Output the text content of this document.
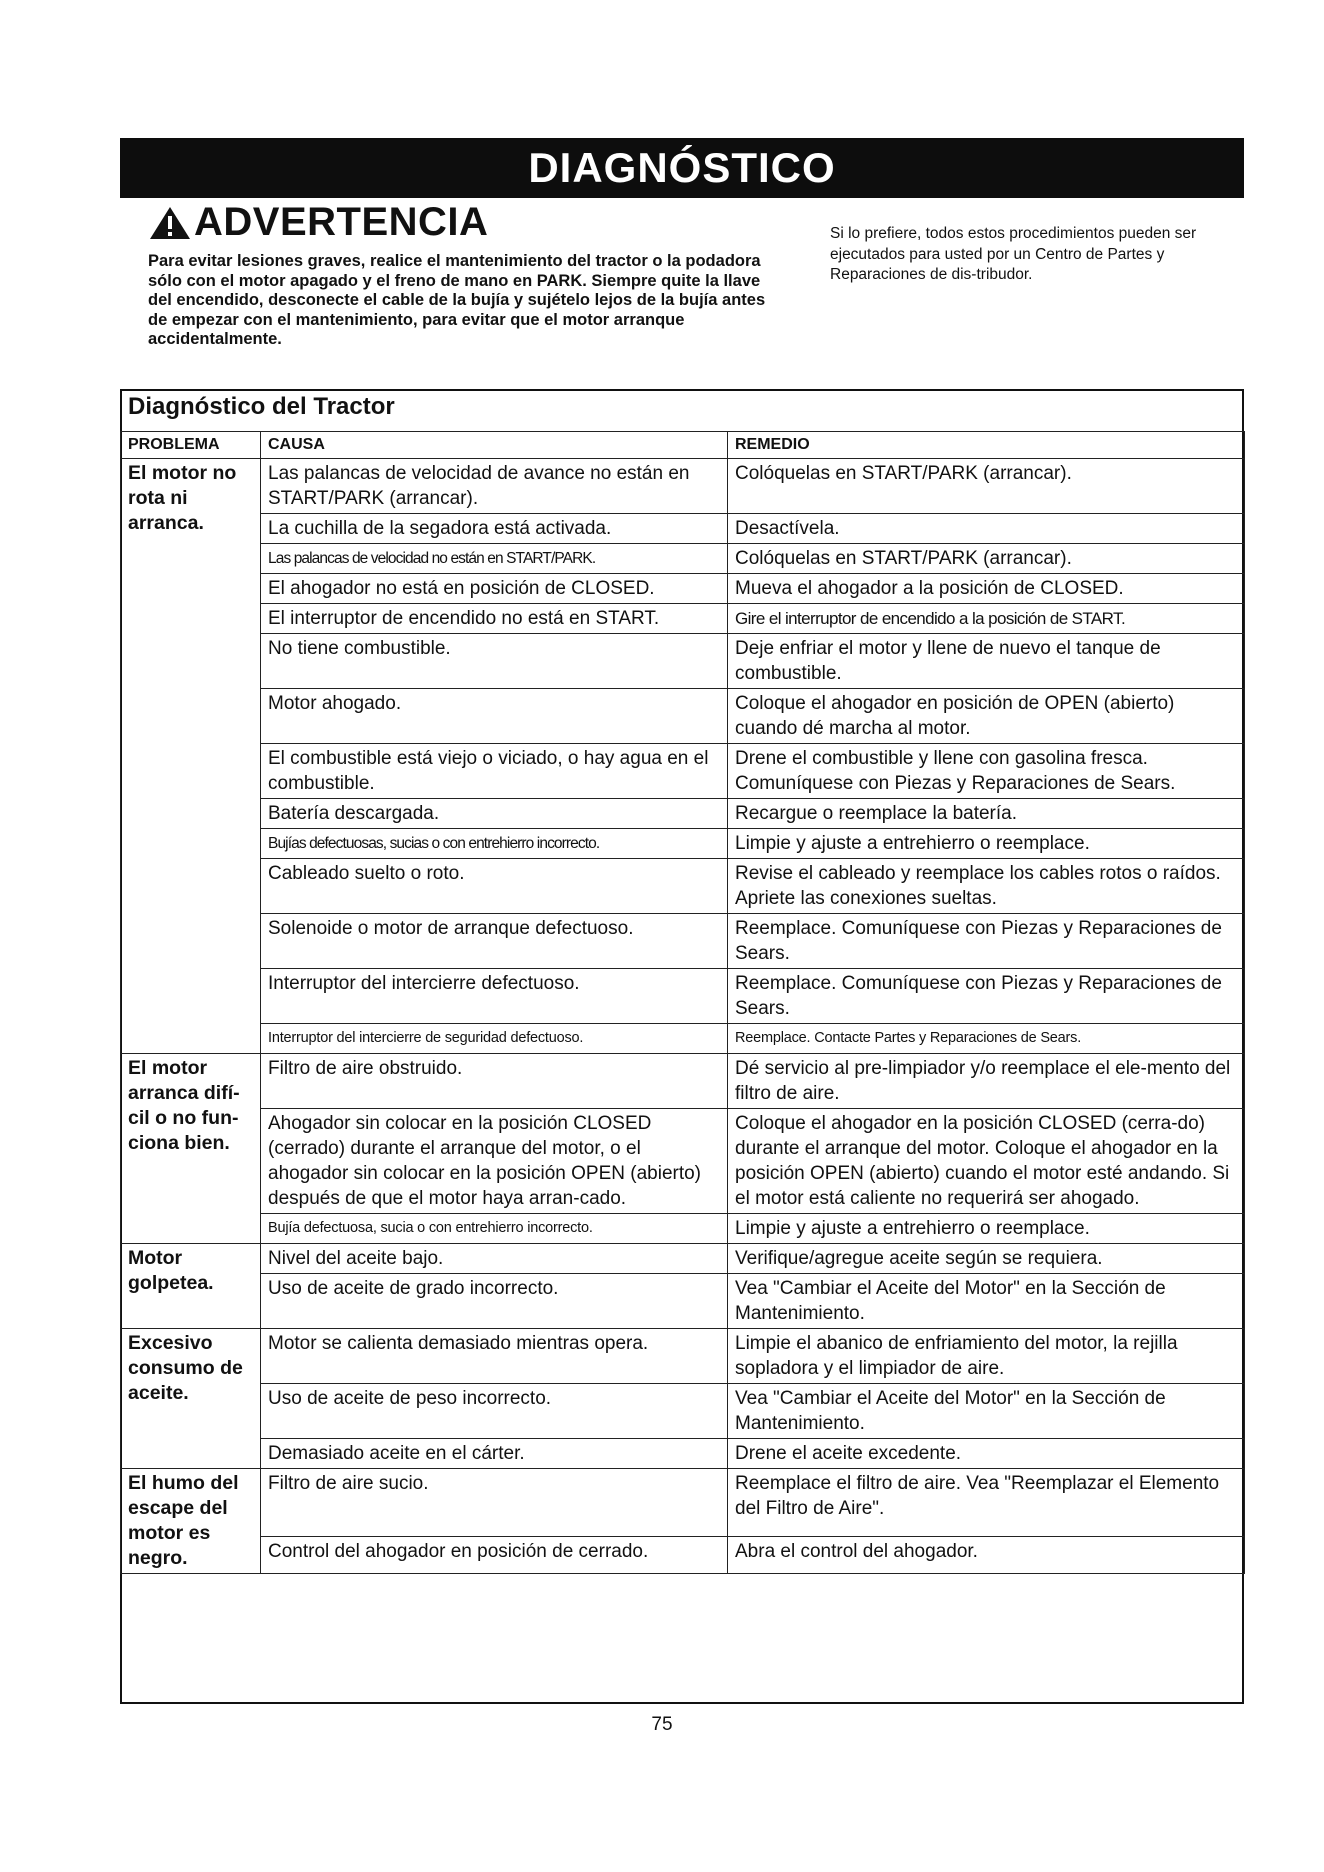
DIAGNÓSTICO
ADVERTENCIA
Para evitar lesiones graves, realice el mantenimiento del tractor o la podadora sólo con el motor apagado y el freno de mano en PARK. Siempre quite la llave del encendido, desconecte el cable de la bujía y sujételo lejos de la bujía antes de empezar con el mantenimiento, para evitar que el motor arranque accidentalmente.
Si lo prefiere, todos estos procedimientos pueden ser ejecutados para usted por un Centro de Partes y Reparaciones de dis-tribudor.
Diagnóstico del Tractor
PROBLEMA	CAUSA	REMEDIO
El motor no rota ni arranca.	Las palancas de velocidad de avance no están en START/PARK (arrancar).	Colóquelas en START/PARK (arrancar).
	La cuchilla de la segadora está activada.	Desactívela.
	Las palancas de velocidad no están en START/PARK.	Colóquelas en START/PARK (arrancar).
	El ahogador no está en posición de CLOSED.	Mueva el ahogador a la posición de CLOSED.
	El interruptor de encendido no está en START.	Gire el interruptor de encendido a la posición de START.
	No tiene combustible.	Deje enfriar el motor y llene de nuevo el tanque de combustible.
	Motor ahogado.	Coloque el ahogador en posición de OPEN (abierto) cuando dé marcha al motor.
	El combustible está viejo o viciado, o hay agua en el combustible.	Drene el combustible y llene con gasolina fresca. Comuníquese con Piezas y Reparaciones de Sears.
	Batería descargada.	Recargue o reemplace la batería.
	Bujías defectuosas, sucias o con entrehierro incorrecto.	Limpie y ajuste a entrehierro o reemplace.
	Cableado suelto o roto.	Revise el cableado y reemplace los cables rotos o raídos. Apriete las conexiones sueltas.
	Solenoide o motor de arranque defectuoso.	Reemplace. Comuníquese con Piezas y Reparaciones de Sears.
	Interruptor del intercierre defectuoso.	Reemplace. Comuníquese con Piezas y Reparaciones de Sears.
	Interruptor del intercierre de seguridad defectuoso.	Reemplace. Contacte Partes y Reparaciones de Sears.
El motor arranca difí-cil o no fun-ciona bien.	Filtro de aire obstruido.	Dé servicio al pre-limpiador y/o reemplace el ele-mento del filtro de aire.
	Ahogador sin colocar en la posición CLOSED (cerrado) durante el arranque del motor, o el ahogador sin colocar en la posición OPEN (abierto) después de que el motor haya arran-cado.	Coloque el ahogador en la posición CLOSED (cerra-do) durante el arranque del motor. Coloque el ahogador en la posición OPEN (abierto) cuando el motor esté andando. Si el motor está caliente no requerirá ser ahogado.
	Bujía defectuosa, sucia o con entrehierro incorrecto.	Limpie y ajuste a entrehierro o reemplace.
Motor golpetea.	Nivel del aceite bajo.	Verifique/agregue aceite según se requiera.
	Uso de aceite de grado incorrecto.	Vea "Cambiar el Aceite del Motor" en la Sección de Mantenimiento.
Excesivo consumo de aceite.	Motor se calienta demasiado mientras opera.	Limpie el abanico de enfriamiento del motor, la rejilla sopladora y el limpiador de aire.
	Uso de aceite de peso incorrecto.	Vea "Cambiar el Aceite del Motor" en la Sección de Mantenimiento.
	Demasiado aceite en el cárter.	Drene el aceite excedente.
El humo del escape del motor es negro.	Filtro de aire sucio.	Reemplace el filtro de aire. Vea "Reemplazar el Elemento del Filtro de Aire".
	Control del ahogador en posición de cerrado.	Abra el control del ahogador.
75
